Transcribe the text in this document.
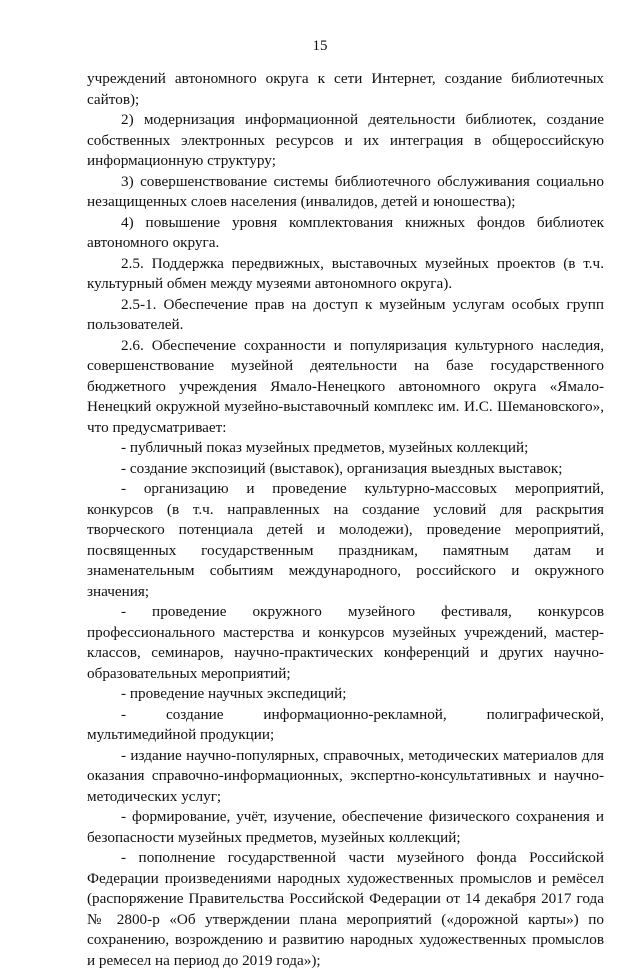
15

учреждений автономного округа к сети Интернет, создание библиотечных сайтов);

2) модернизация информационной деятельности библиотек, создание собственных электронных ресурсов и их интеграция в общероссийскую информационную структуру;

3) совершенствование системы библиотечного обслуживания социально незащищенных слоев населения (инвалидов, детей и юношества);

4) повышение уровня комплектования книжных фондов библиотек автономного округа.

2.5. Поддержка передвижных, выставочных музейных проектов (в т.ч. культурный обмен между музеями автономного округа).

2.5-1. Обеспечение прав на доступ к музейным услугам особых групп пользователей.

2.6. Обеспечение сохранности и популяризация культурного наследия, совершенствование музейной деятельности на базе государственного бюджетного учреждения Ямало-Ненецкого автономного округа «Ямало-Ненецкий окружной музейно-выставочный комплекс им. И.С. Шемановского», что предусматривает:

- публичный показ музейных предметов, музейных коллекций;

- создание экспозиций (выставок), организация выездных выставок;

- организацию и проведение культурно-массовых мероприятий, конкурсов (в т.ч. направленных на создание условий для раскрытия творческого потенциала детей и молодежи), проведение мероприятий, посвященных государственным праздникам, памятным датам и знаменательным событиям международного, российского и окружного значения;

- проведение окружного музейного фестиваля, конкурсов профессионального мастерства и конкурсов музейных учреждений, мастер-классов, семинаров, научно-практических конференций и других научно-образовательных мероприятий;

- проведение научных экспедиций;

- создание информационно-рекламной, полиграфической, мультимедийной продукции;

- издание научно-популярных, справочных, методических материалов для оказания справочно-информационных, экспертно-консультативных и научно-методических услуг;

- формирование, учёт, изучение, обеспечение физического сохранения и безопасности музейных предметов, музейных коллекций;

- пополнение государственной части музейного фонда Российской Федерации произведениями народных художественных промыслов и ремёсел (распоряжение Правительства Российской Федерации от 14 декабря 2017 года № 2800-р «Об утверждении плана мероприятий («дорожной карты») по сохранению, возрождению и развитию народных художественных промыслов и ремесел на период до 2019 года»);
